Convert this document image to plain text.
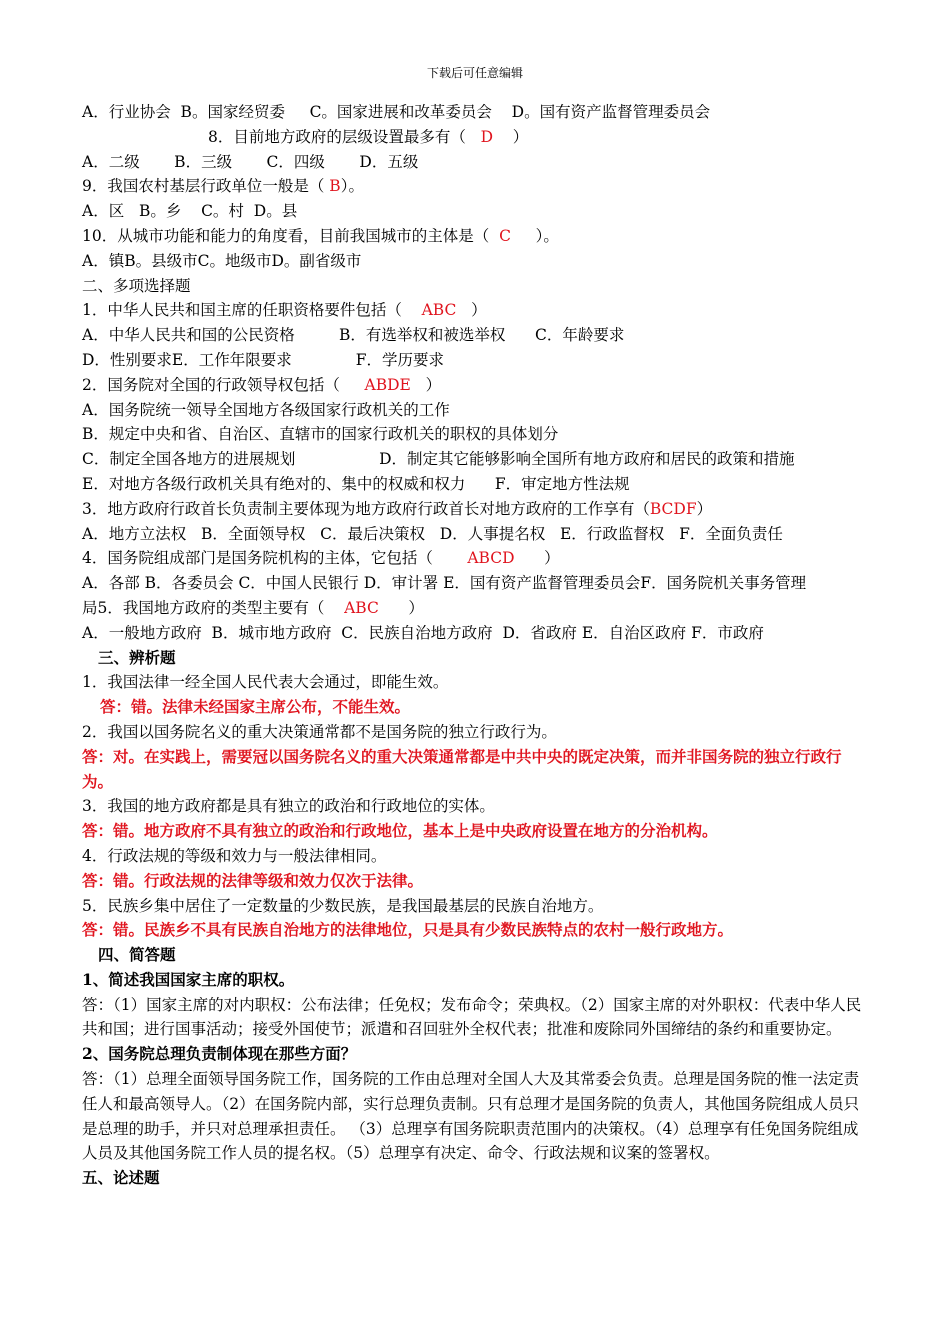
下载后可任意编辑
A．行业协会  B。国家经贸委     C。国家进展和改革委员会    D。国有资产监督管理委员会
8．目前地方政府的层级设置最多有（   D    ）
A．二级       B．三级       C．四级       D．五级
9．我国农村基层行政单位一般是（ B）。
A．区   B。乡    C。村  D。县
10．从城市功能和能力的角度看，目前我国城市的主体是（  C     ）。
A．镇B。县级市C。地级市D。副省级市
二、多项选择题
1．中华人民共和国主席的任职资格要件包括（    ABC   ）
A．中华人民共和国的公民资格         B．有选举权和被选举权      C．年龄要求
D．性别要求E．工作年限要求             F．学历要求
2．国务院对全国的行政领导权包括（     ABDE   ）
A．国务院统一领导全国地方各级国家行政机关的工作
B．规定中央和省、自治区、直辖市的国家行政机关的职权的具体划分
C．制定全国各地方的进展规划                 D．制定其它能够影响全国所有地方政府和居民的政策和措施
E．对地方各级行政机关具有绝对的、集中的权威和权力      F．审定地方性法规
3．地方政府行政首长负责制主要体现为地方政府行政首长对地方政府的工作享有（BCDF）
A．地方立法权   B．全面领导权   C．最后决策权   D．人事提名权   E．行政监督权   F．全面负责任
4．国务院组成部门是国务院机构的主体，它包括（       ABCD      ）
A．各部 B．各委员会 C．中国人民银行 D．审计署 E．国有资产监督管理委员会F．国务院机关事务管理
局5．我国地方政府的类型主要有（    ABC      ）
A．一般地方政府  B．城市地方政府  C．民族自治地方政府  D．省政府 E．自治区政府 F．市政府
三、辨析题
1．我国法律一经全国人民代表大会通过，即能生效。
答：错。法律未经国家主席公布，不能生效。
2．我国以国务院名义的重大决策通常都不是国务院的独立行政行为。
答：对。在实践上，需要冠以国务院名义的重大决策通常都是中共中央的既定决策，而并非国务院的独立行政行为。
3．我国的地方政府都是具有独立的政治和行政地位的实体。
答：错。地方政府不具有独立的政治和行政地位，基本上是中央政府设置在地方的分治机构。
4．行政法规的等级和效力与一般法律相同。
答：错。行政法规的法律等级和效力仅次于法律。
5．民族乡集中居住了一定数量的少数民族，是我国最基层的民族自治地方。
答：错。民族乡不具有民族自治地方的法律地位，只是具有少数民族特点的农村一般行政地方。
四、简答题
1、简述我国国家主席的职权。
答：（1）国家主席的对内职权：公布法律；任免权；发布命令；荣典权。（2）国家主席的对外职权：代表中华人民共和国；进行国事活动；接受外国使节；派遣和召回驻外全权代表；批准和废除同外国缔结的条约和重要协定。
2、国务院总理负责制体现在那些方面？
答：（1）总理全面领导国务院工作，国务院的工作由总理对全国人大及其常委会负责。总理是国务院的惟一法定责任人和最高领导人。（2）在国务院内部，实行总理负责制。只有总理才是国务院的负责人，其他国务院组成人员只是总理的助手，并只对总理承担责任。 （3）总理享有国务院职责范围内的决策权。（4）总理享有任免国务院组成人员及其他国务院工作人员的提名权。（5）总理享有决定、命令、行政法规和议案的签署权。
五、论述题
